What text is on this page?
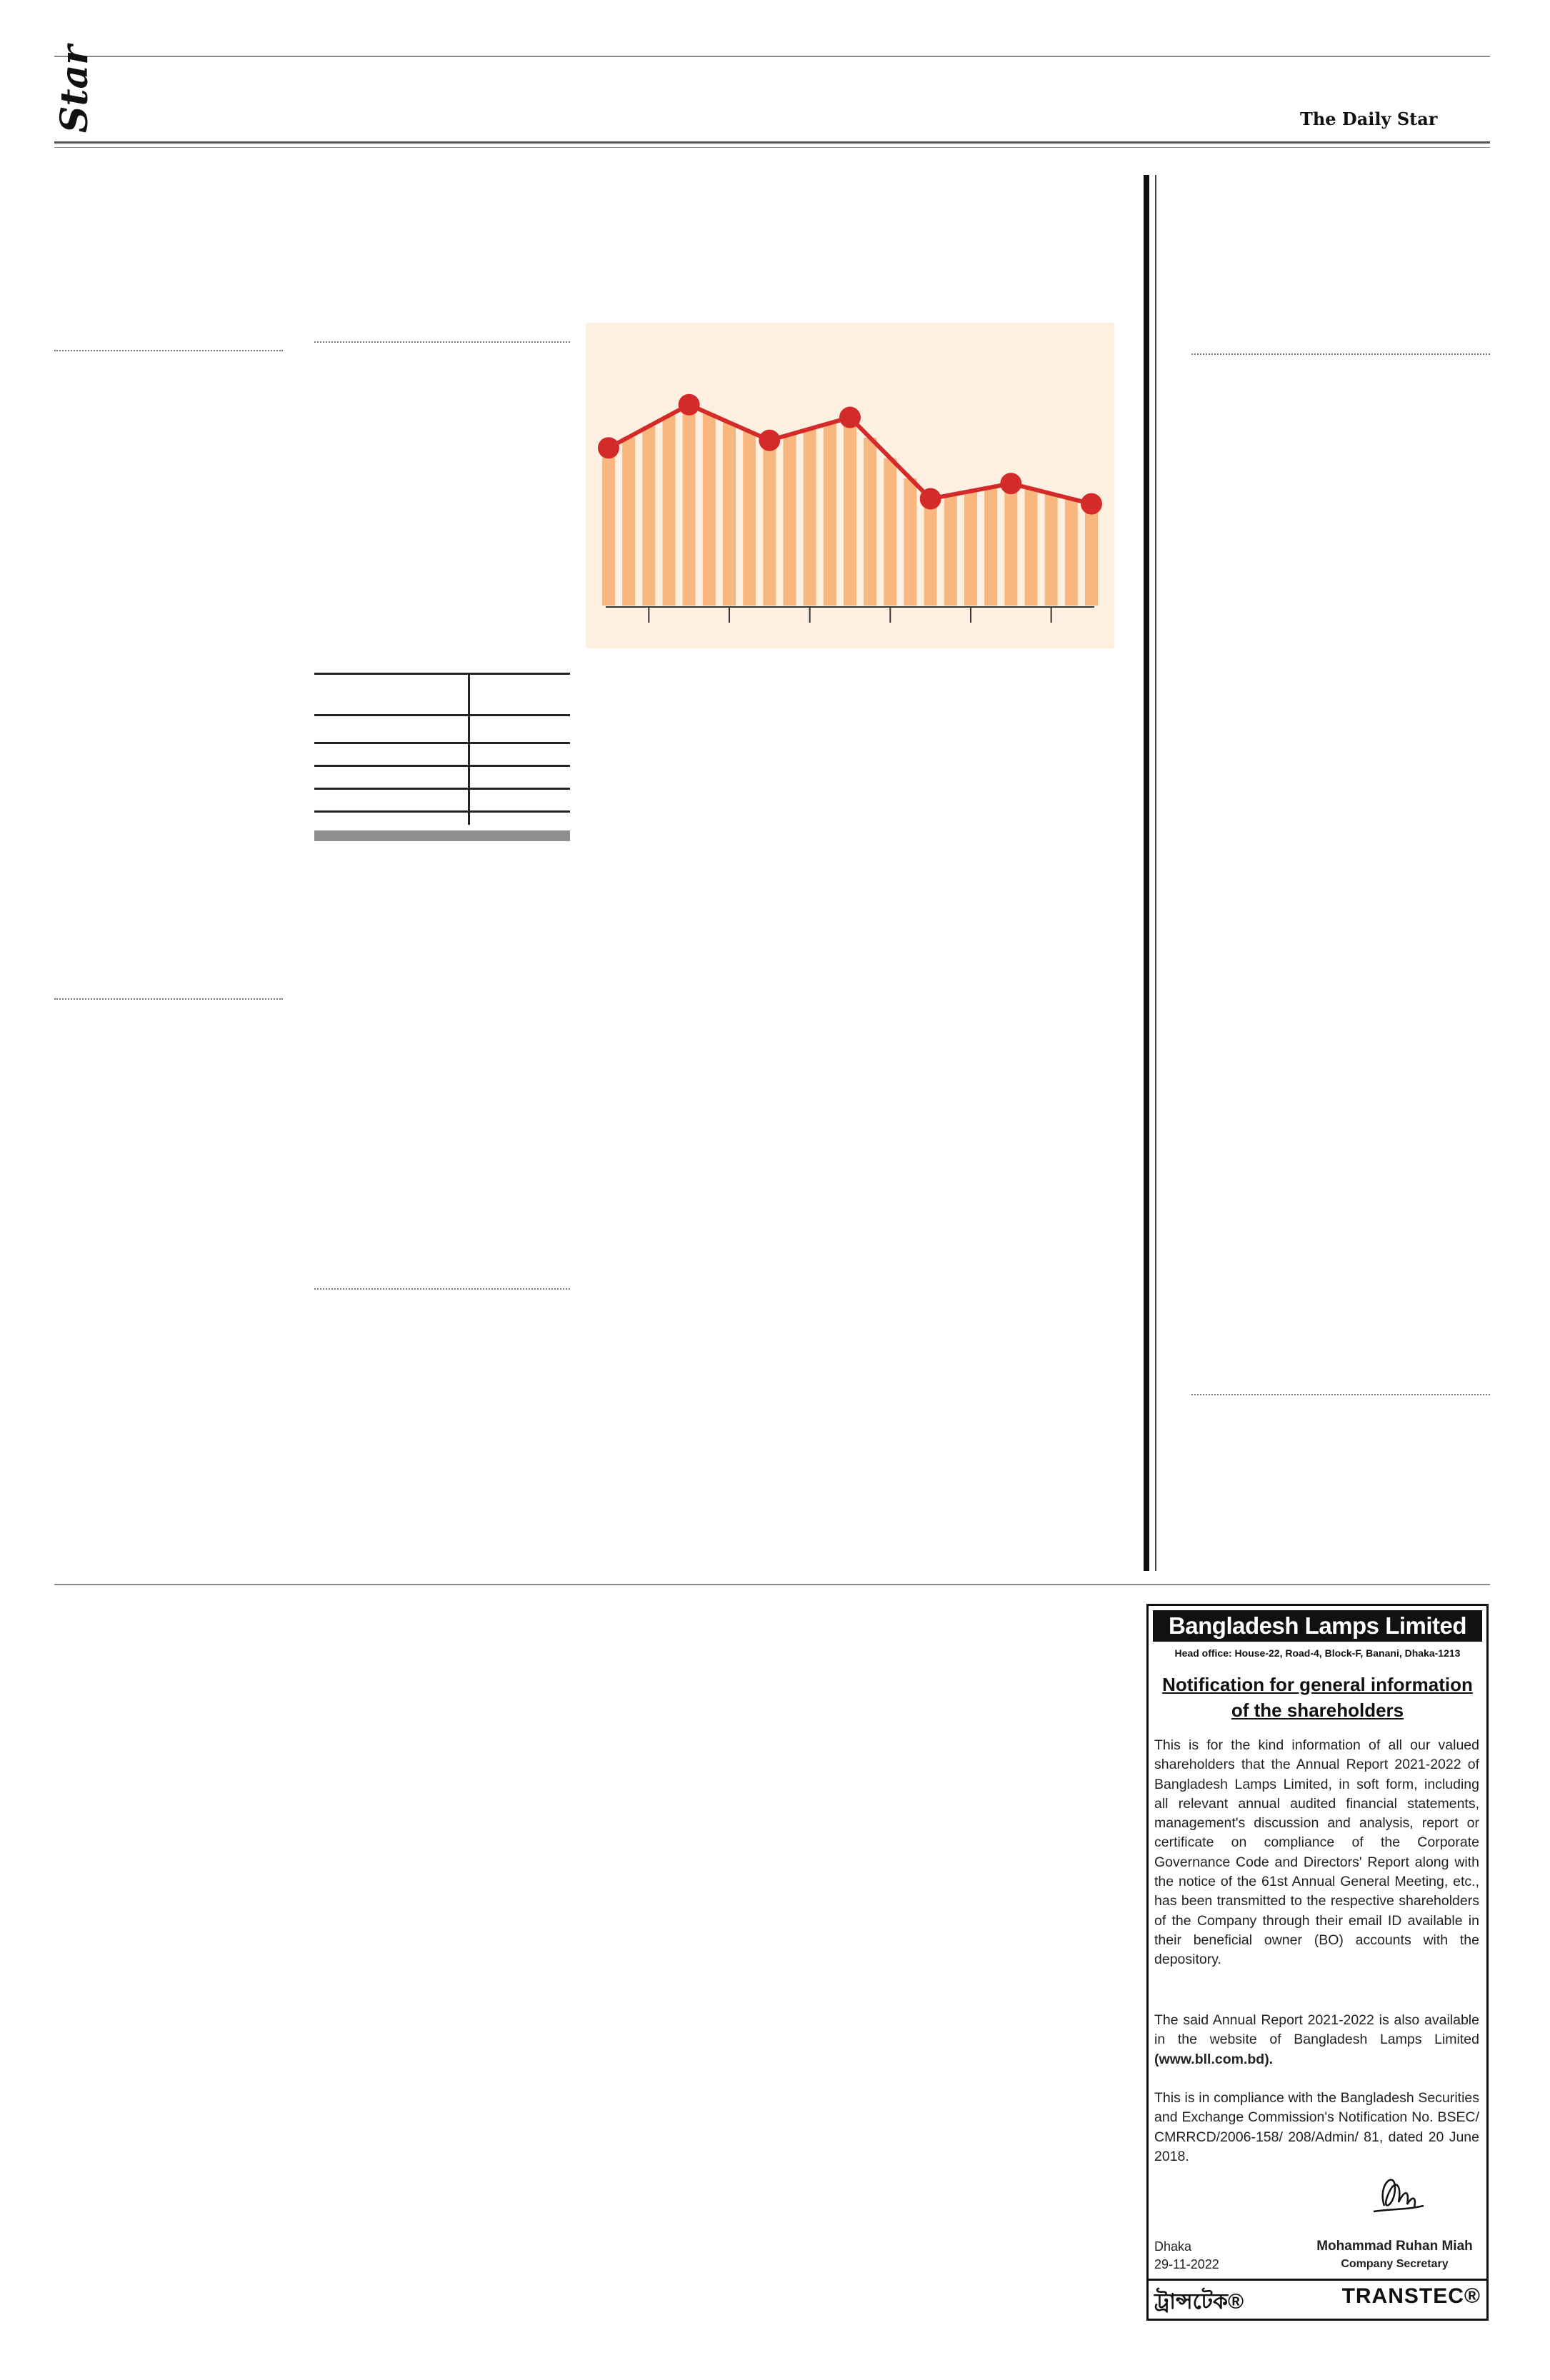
Star	The Daily Star
Bangladesh Lamps Limited
Head office: House-22, Road-4, Block-F, Banani, Dhaka-1213
Notification for general information
of the shareholders
This is for the kind information of all our valued shareholders that the Annual Report 2021-2022 of Bangladesh Lamps Limited, in soft form, including all relevant annual audited financial statements, management's discussion and analysis, report or certificate on compliance of the Corporate Governance Code and Directors' Report along with the notice of the 61st Annual General Meeting, etc., has been transmitted to the respective shareholders of the Company through their email ID available in their beneficial owner (BO) accounts with the depository.
The said Annual Report 2021-2022 is also available in the website of Bangladesh Lamps Limited (www.bll.com.bd).
This is in compliance with the Bangladesh Securities and Exchange Commission's Notification No. BSEC/ CMRRCD/2006-158/ 208/Admin/ 81, dated 20 June 2018.
Dhaka
29-11-2022
Mohammad Ruhan Miah
Company Secretary
ট্রান্সটেক®	TRANSTEC®
